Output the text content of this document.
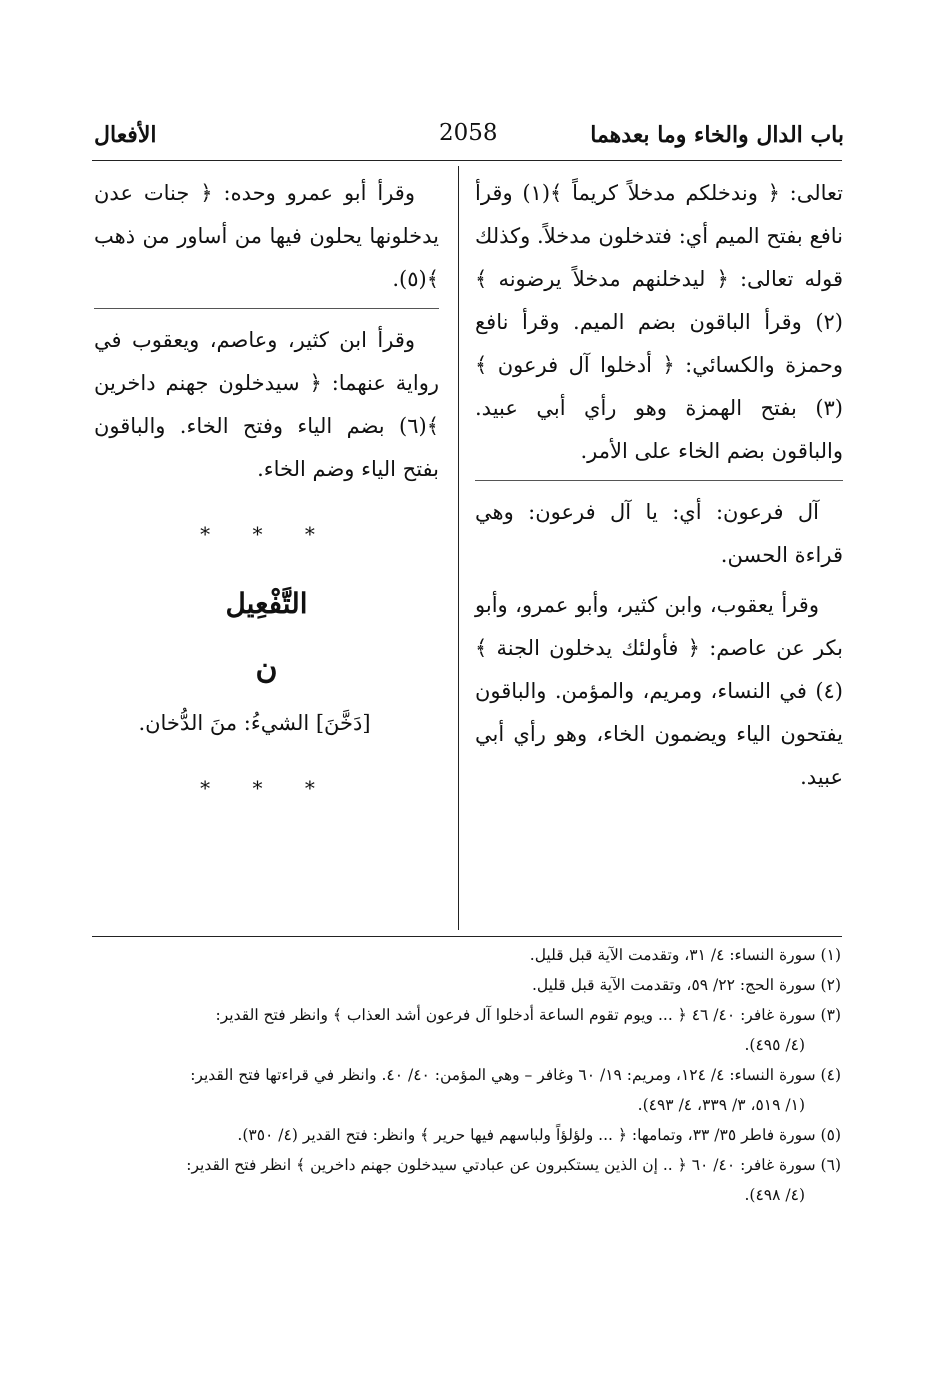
باب الدال والخاء وما بعدهما
2058
الأفعال

تعالى: ﴿ وندخلكم مدخلاً كريماً ﴾(١) وقرأ نافع بفتح الميم أي: فتدخلون مدخلاً. وكذلك قوله تعالى: ﴿ ليدخلنهم مدخلاً يرضونه ﴾(٢) وقرأ الباقون بضم الميم. وقرأ نافع وحمزة والكسائي: ﴿ أدخلوا آل فرعون ﴾(٣) بفتح الهمزة وهو رأي أبي عبيد. والباقون بضم الخاء على الأمر.

آل فرعون: أي: يا آل فرعون: وهي قراءة الحسن.

وقرأ يعقوب، وابن كثير، وأبو عمرو، وأبو بكر عن عاصم: ﴿ فأولئك يدخلون الجنة ﴾(٤) في النساء، ومريم، والمؤمن. والباقون يفتحون الياء ويضمون الخاء، وهو رأي أبي عبيد.

وقرأ أبو عمرو وحده: ﴿ جنات عدن يدخلونها يحلون فيها من أساور من ذهب ﴾(٥).

وقرأ ابن كثير، وعاصم، ويعقوب في رواية عنهما: ﴿ سيدخلون جهنم داخرين ﴾(٦) بضم الياء وفتح الخاء. والباقون بفتح الياء وضم الخاء.

* * *
التَّفْعِيل
ن

[دَخَّنَ] الشيءُ: منَ الدُّخان.

* * *

(١) سورة النساء: ٤/ ٣١، وتقدمت الآية قبل قليل.

(٢) سورة الحج: ٢٢/ ٥٩، وتقدمت الآية قبل قليل.

(٣) سورة غافر: ٤٠/ ٤٦ ﴿ ... ويوم تقوم الساعة أدخلوا آل فرعون أشد العذاب ﴾ وانظر فتح القدير:

(٤/ ٤٩٥).

(٤) سورة النساء: ٤/ ١٢٤، ومريم: ١٩/ ٦٠ وغافر – وهي المؤمن: ٤٠/ ٤٠. وانظر في قراءتها فتح القدير:

(١/ ٥١٩، ٣/ ٣٣٩، ٤/ ٤٩٣).

(٥) سورة فاطر ٣٥/ ٣٣، وتمامها: ﴿ ... ولؤلؤاً ولباسهم فيها حرير ﴾ وانظر: فتح القدير (٤/ ٣٥٠).

(٦) سورة غافر: ٤٠/ ٦٠ ﴿ .. إن الذين يستكبرون عن عبادتي سيدخلون جهنم داخرين ﴾ انظر فتح القدير:

(٤/ ٤٩٨).
